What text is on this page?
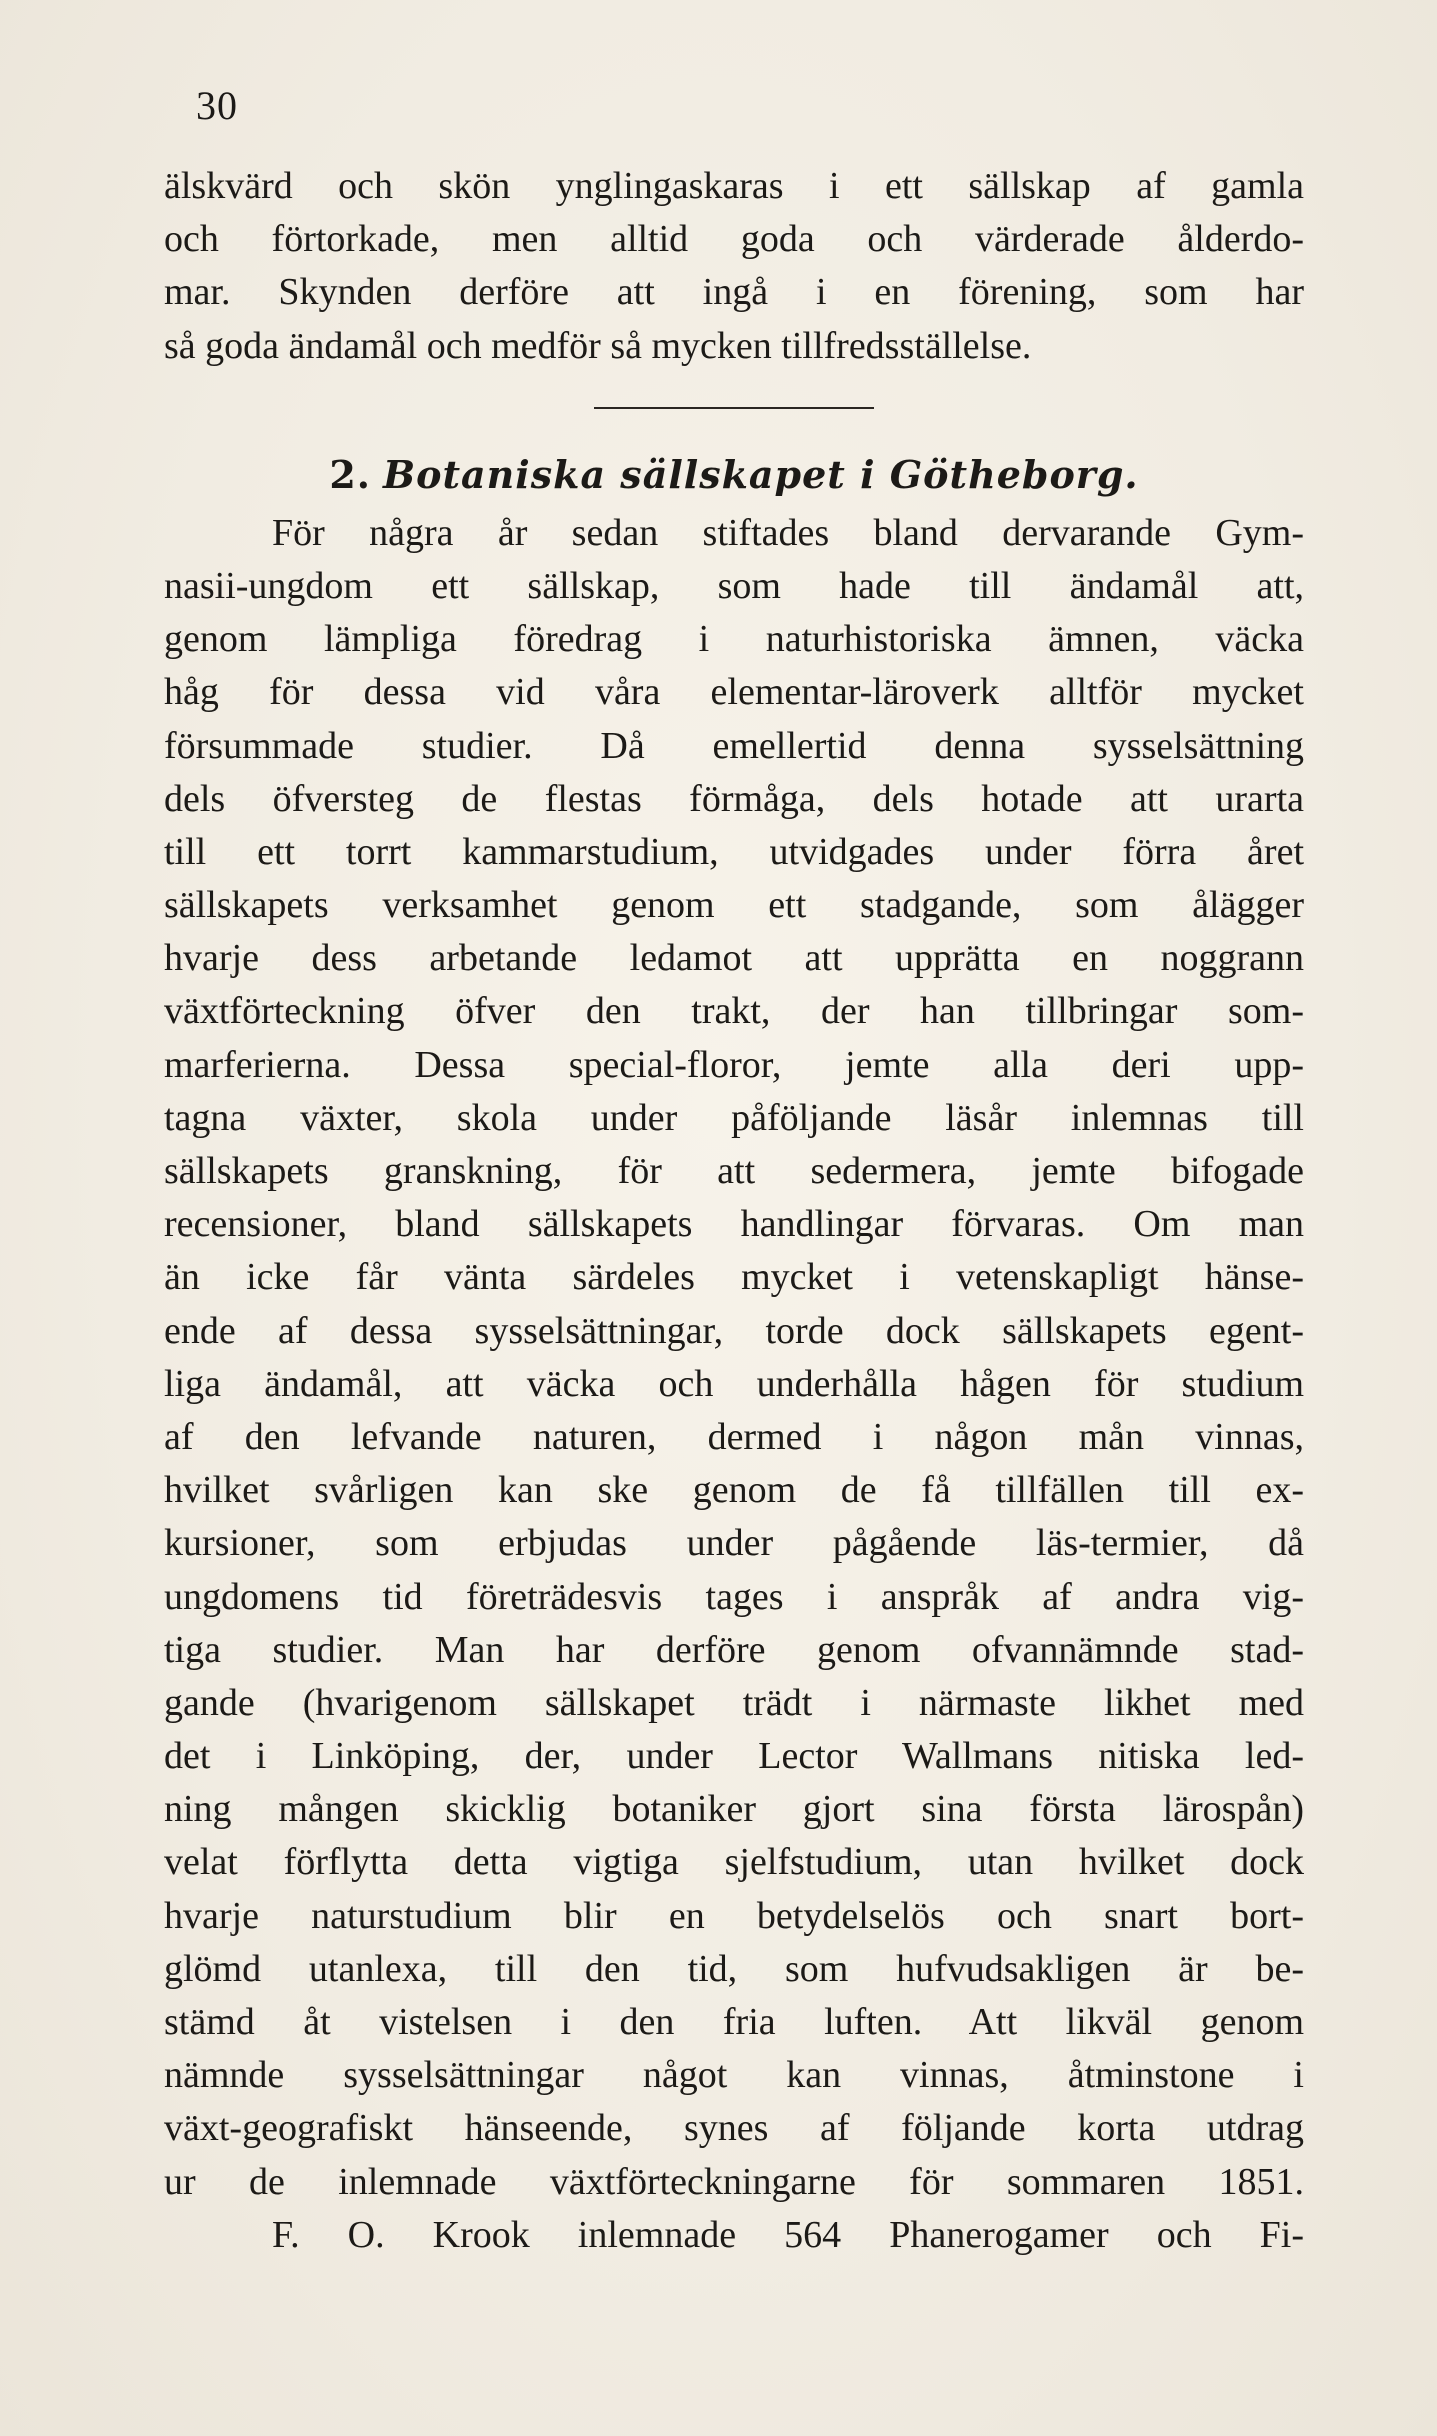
30
älskvärd och skön ynglingaskaras i ett sällskap af gamla
och förtorkade, men alltid goda och värderade ålderdo-
mar. Skynden derföre att ingå i en förening, som har
så goda ändamål och medför så mycken tillfredsställelse.
2. Botaniska sällskapet i Götheborg.
För några år sedan stiftades bland dervarande Gym-
nasii-ungdom ett sällskap, som hade till ändamål att,
genom lämpliga föredrag i naturhistoriska ämnen, väcka
håg för dessa vid våra elementar-läroverk alltför mycket
försummade studier. Då emellertid denna sysselsättning
dels öfversteg de flestas förmåga, dels hotade att urarta
till ett torrt kammarstudium, utvidgades under förra året
sällskapets verksamhet genom ett stadgande, som ålägger
hvarje dess arbetande ledamot att upprätta en noggrann
växtförteckning öfver den trakt, der han tillbringar som-
marferierna. Dessa special-floror, jemte alla deri upp-
tagna växter, skola under påföljande läsår inlemnas till
sällskapets granskning, för att sedermera, jemte bifogade
recensioner, bland sällskapets handlingar förvaras. Om man
än icke får vänta särdeles mycket i vetenskapligt hänse-
ende af dessa sysselsättningar, torde dock sällskapets egent-
liga ändamål, att väcka och underhålla hågen för studium
af den lefvande naturen, dermed i någon mån vinnas,
hvilket svårligen kan ske genom de få tillfällen till ex-
kursioner, som erbjudas under pågående läs-termier, då
ungdomens tid företrädesvis tages i anspråk af andra vig-
tiga studier. Man har derföre genom ofvannämnde stad-
gande (hvarigenom sällskapet trädt i närmaste likhet med
det i Linköping, der, under Lector Wallmans nitiska led-
ning mången skicklig botaniker gjort sina första lärospån)
velat förflytta detta vigtiga sjelfstudium, utan hvilket dock
hvarje naturstudium blir en betydelselös och snart bort-
glömd utanlexa, till den tid, som hufvudsakligen är be-
stämd åt vistelsen i den fria luften. Att likväl genom
nämnde sysselsättningar något kan vinnas, åtminstone i
växt-geografiskt hänseende, synes af följande korta utdrag
ur de inlemnade växtförteckningarne för sommaren 1851.
F. O. Krook inlemnade 564 Phanerogamer och Fi-
